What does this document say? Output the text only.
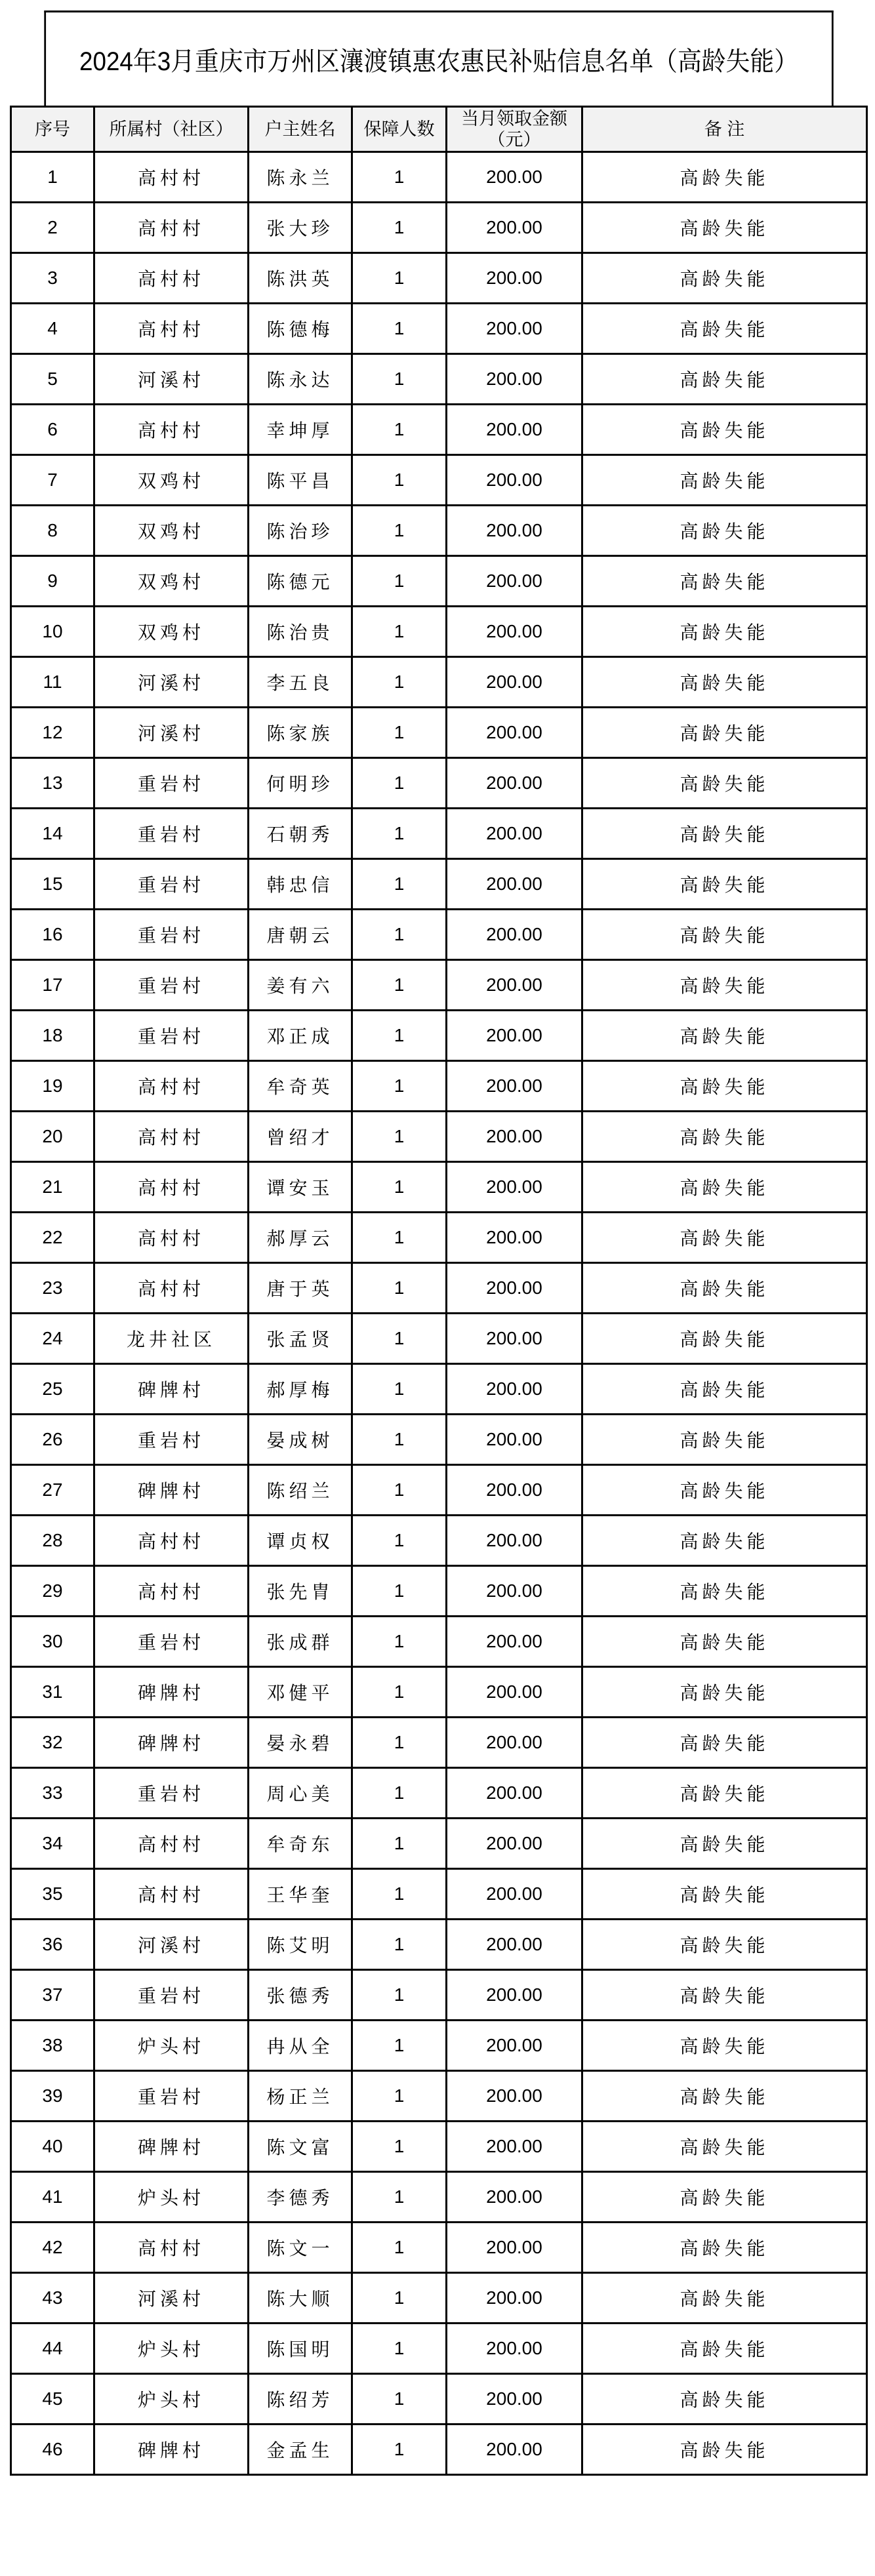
2024年3月重庆市万州区瀼渡镇惠农惠民补贴信息名单（高龄失能）
序号	所属村（社区）	户主姓名	保障人数	当月领取金额（元）	备 注
1	高村村	陈永兰	1	200.00	高龄失能
2	高村村	张大珍	1	200.00	高龄失能
3	高村村	陈洪英	1	200.00	高龄失能
4	高村村	陈德梅	1	200.00	高龄失能
5	河溪村	陈永达	1	200.00	高龄失能
6	高村村	幸坤厚	1	200.00	高龄失能
7	双鸡村	陈平昌	1	200.00	高龄失能
8	双鸡村	陈治珍	1	200.00	高龄失能
9	双鸡村	陈德元	1	200.00	高龄失能
10	双鸡村	陈治贵	1	200.00	高龄失能
11	河溪村	李五良	1	200.00	高龄失能
12	河溪村	陈家族	1	200.00	高龄失能
13	重岩村	何明珍	1	200.00	高龄失能
14	重岩村	石朝秀	1	200.00	高龄失能
15	重岩村	韩忠信	1	200.00	高龄失能
16	重岩村	唐朝云	1	200.00	高龄失能
17	重岩村	姜有六	1	200.00	高龄失能
18	重岩村	邓正成	1	200.00	高龄失能
19	高村村	牟奇英	1	200.00	高龄失能
20	高村村	曾绍才	1	200.00	高龄失能
21	高村村	谭安玉	1	200.00	高龄失能
22	高村村	郝厚云	1	200.00	高龄失能
23	高村村	唐于英	1	200.00	高龄失能
24	龙井社区	张孟贤	1	200.00	高龄失能
25	碑牌村	郝厚梅	1	200.00	高龄失能
26	重岩村	晏成树	1	200.00	高龄失能
27	碑牌村	陈绍兰	1	200.00	高龄失能
28	高村村	谭贞权	1	200.00	高龄失能
29	高村村	张先胄	1	200.00	高龄失能
30	重岩村	张成群	1	200.00	高龄失能
31	碑牌村	邓健平	1	200.00	高龄失能
32	碑牌村	晏永碧	1	200.00	高龄失能
33	重岩村	周心美	1	200.00	高龄失能
34	高村村	牟奇东	1	200.00	高龄失能
35	高村村	王华奎	1	200.00	高龄失能
36	河溪村	陈艾明	1	200.00	高龄失能
37	重岩村	张德秀	1	200.00	高龄失能
38	炉头村	冉从全	1	200.00	高龄失能
39	重岩村	杨正兰	1	200.00	高龄失能
40	碑牌村	陈文富	1	200.00	高龄失能
41	炉头村	李德秀	1	200.00	高龄失能
42	高村村	陈文一	1	200.00	高龄失能
43	河溪村	陈大顺	1	200.00	高龄失能
44	炉头村	陈国明	1	200.00	高龄失能
45	炉头村	陈绍芳	1	200.00	高龄失能
46	碑牌村	金孟生	1	200.00	高龄失能
